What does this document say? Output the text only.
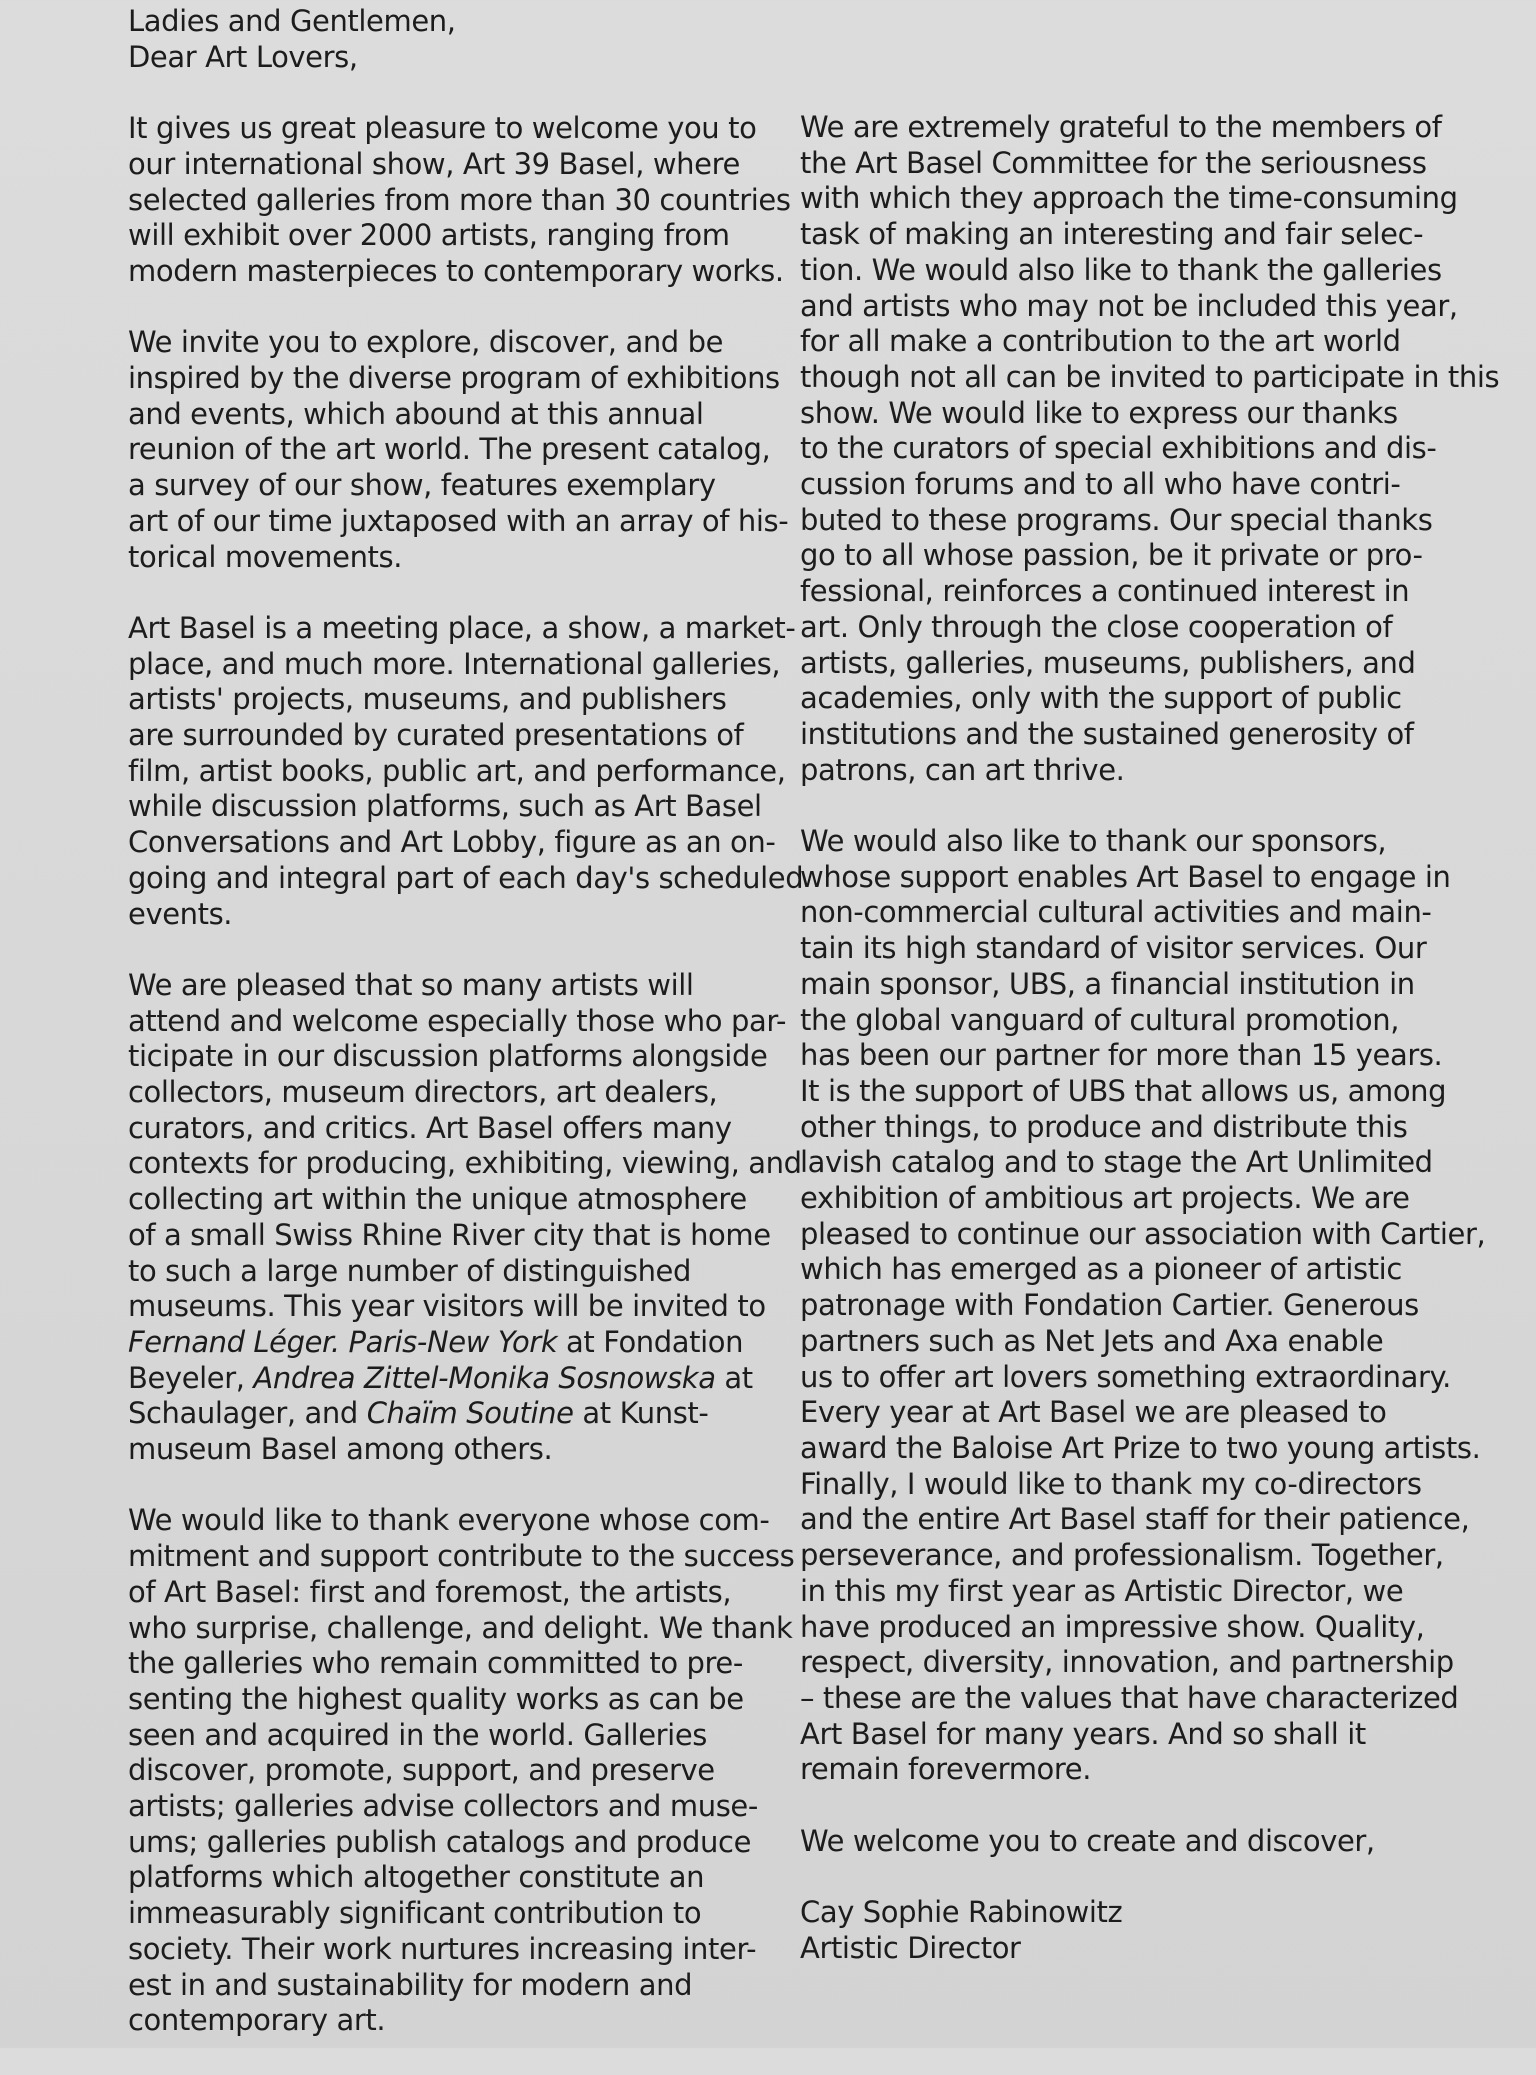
Ladies and Gentlemen,
Dear Art Lovers,
It gives us great pleasure to welcome you to
our international show, Art 39 Basel, where
selected galleries from more than 30 countries
will exhibit over 2000 artists, ranging from
modern masterpieces to contemporary works.
We invite you to explore, discover, and be
inspired by the diverse program of exhibitions
and events, which abound at this annual
reunion of the art world. The present catalog,
a survey of our show, features exemplary
art of our time juxtaposed with an array of his-
torical movements.
Art Basel is a meeting place, a show, a market-
place, and much more. International galleries,
artists' projects, museums, and publishers
are surrounded by curated presentations of
film, artist books, public art, and performance,
while discussion platforms, such as Art Basel
Conversations and Art Lobby, figure as an on-
going and integral part of each day's scheduled
events.
We are pleased that so many artists will
attend and welcome especially those who par-
ticipate in our discussion platforms alongside
collectors, museum directors, art dealers,
curators, and critics. Art Basel offers many
contexts for producing, exhibiting, viewing, and
collecting art within the unique atmosphere
of a small Swiss Rhine River city that is home
to such a large number of distinguished
museums. This year visitors will be invited to
Fernand Léger. Paris-New York at Fondation
Beyeler, Andrea Zittel-Monika Sosnowska at
Schaulager, and Chaïm Soutine at Kunst-
museum Basel among others.
We would like to thank everyone whose com-
mitment and support contribute to the success
of Art Basel: first and foremost, the artists,
who surprise, challenge, and delight. We thank
the galleries who remain committed to pre-
senting the highest quality works as can be
seen and acquired in the world. Galleries
discover, promote, support, and preserve
artists; galleries advise collectors and muse-
ums; galleries publish catalogs and produce
platforms which altogether constitute an
immeasurably significant contribution to
society. Their work nurtures increasing inter-
est in and sustainability for modern and
contemporary art.
We are extremely grateful to the members of
the Art Basel Committee for the seriousness
with which they approach the time-consuming
task of making an interesting and fair selec-
tion. We would also like to thank the galleries
and artists who may not be included this year,
for all make a contribution to the art world
though not all can be invited to participate in this
show. We would like to express our thanks
to the curators of special exhibitions and dis-
cussion forums and to all who have contri-
buted to these programs. Our special thanks
go to all whose passion, be it private or pro-
fessional, reinforces a continued interest in
art. Only through the close cooperation of
artists, galleries, museums, publishers, and
academies, only with the support of public
institutions and the sustained generosity of
patrons, can art thrive.
We would also like to thank our sponsors,
whose support enables Art Basel to engage in
non-commercial cultural activities and main-
tain its high standard of visitor services. Our
main sponsor, UBS, a financial institution in
the global vanguard of cultural promotion,
has been our partner for more than 15 years.
It is the support of UBS that allows us, among
other things, to produce and distribute this
lavish catalog and to stage the Art Unlimited
exhibition of ambitious art projects. We are
pleased to continue our association with Cartier,
which has emerged as a pioneer of artistic
patronage with Fondation Cartier. Generous
partners such as Net Jets and Axa enable
us to offer art lovers something extraordinary.
Every year at Art Basel we are pleased to
award the Baloise Art Prize to two young artists.
Finally, I would like to thank my co-directors
and the entire Art Basel staff for their patience,
perseverance, and professionalism. Together,
in this my first year as Artistic Director, we
have produced an impressive show. Quality,
respect, diversity, innovation, and partnership
– these are the values that have characterized
Art Basel for many years. And so shall it
remain forevermore.
We welcome you to create and discover,
Cay Sophie Rabinowitz
Artistic Director
